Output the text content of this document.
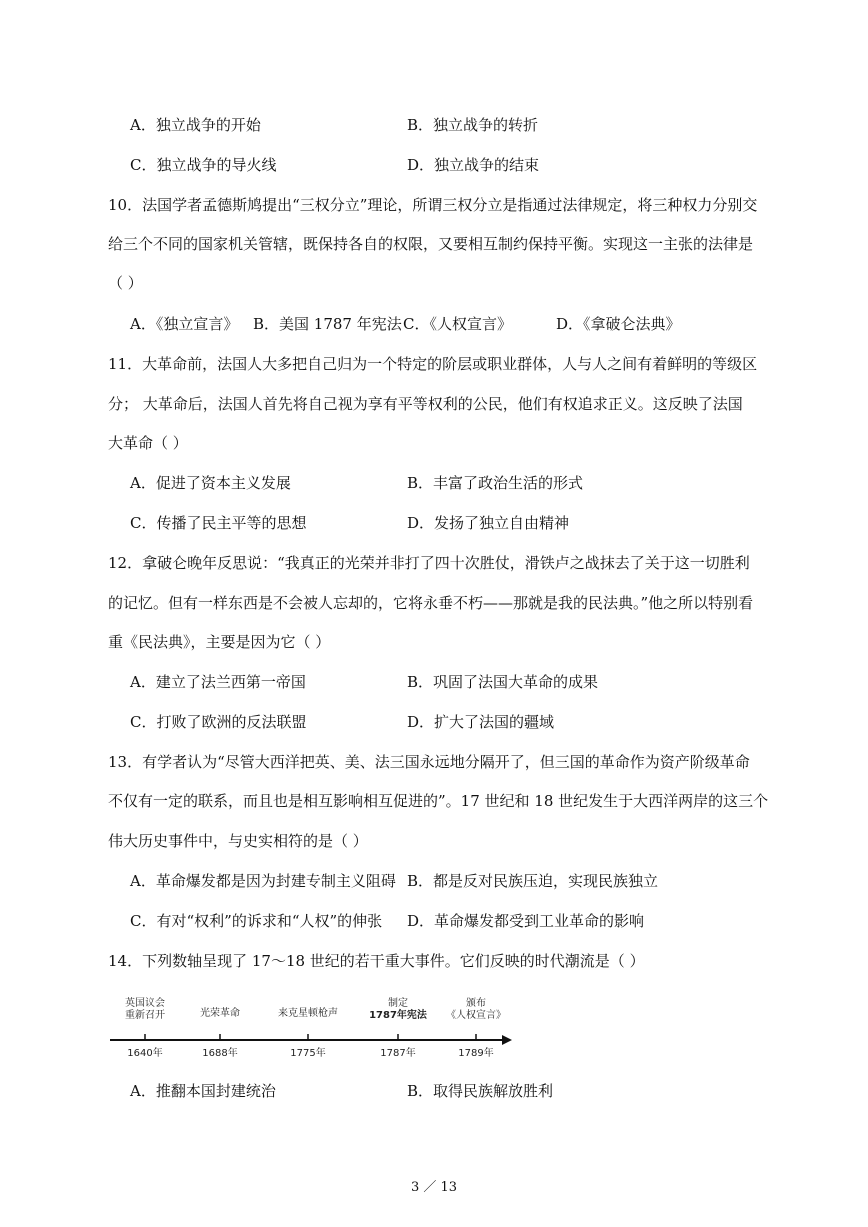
A．独立战争的开始	B．独立战争的转折
C．独立战争的导火线	D．独立战争的结束
10．法国学者孟德斯鸠提出“三权分立”理论，所谓三权分立是指通过法律规定，将三种权力分别交
给三个不同的国家机关管辖，既保持各自的权限，又要相互制约保持平衡。实现这一主张的法律是
（ ）
A．《独立宣言》 B．美国 1787 年宪法 C．《人权宣言》	D．《拿破仑法典》
11．大革命前，法国人大多把自己归为一个特定的阶层或职业群体，人与人之间有着鲜明的等级区
分； 大革命后，法国人首先将自己视为享有平等权利的公民，他们有权追求正义。这反映了法国
大革命（ ）
A．促进了资本主义发展	B．丰富了政治生活的形式
C．传播了民主平等的思想	D．发扬了独立自由精神
12．拿破仑晚年反思说：“我真正的光荣并非打了四十次胜仗，滑铁卢之战抹去了关于这一切胜利
的记忆。但有一样东西是不会被人忘却的，它将永垂不朽——那就是我的民法典。”他之所以特别看
重《民法典》，主要是因为它（ ）
A．建立了法兰西第一帝国	B．巩固了法国大革命的成果
C．打败了欧洲的反法联盟	D．扩大了法国的疆域
13．有学者认为“尽管大西洋把英、美、法三国永远地分隔开了，但三国的革命作为资产阶级革命
不仅有一定的联系，而且也是相互影响相互促进的”。17 世纪和 18 世纪发生于大西洋两岸的这三个
伟大历史事件中，与史实相符的是（ ）
A．革命爆发都是因为封建专制主义阻碍 B．都是反对民族压迫，实现民族独立
C．有对“权利”的诉求和“人权”的伸张 D．革命爆发都受到工业革命的影响
14．下列数轴呈现了 17～18 世纪的若干重大事件。它们反映的时代潮流是（ ）
英国议会
重新召开
1640年
光荣革命
1688年
来克星顿枪声
1775年
制定
1787年宪法
1787年
颁布
《人权宣言》
1789年
A．推翻本国封建统治	B．取得民族解放胜利
3 ／ 13
